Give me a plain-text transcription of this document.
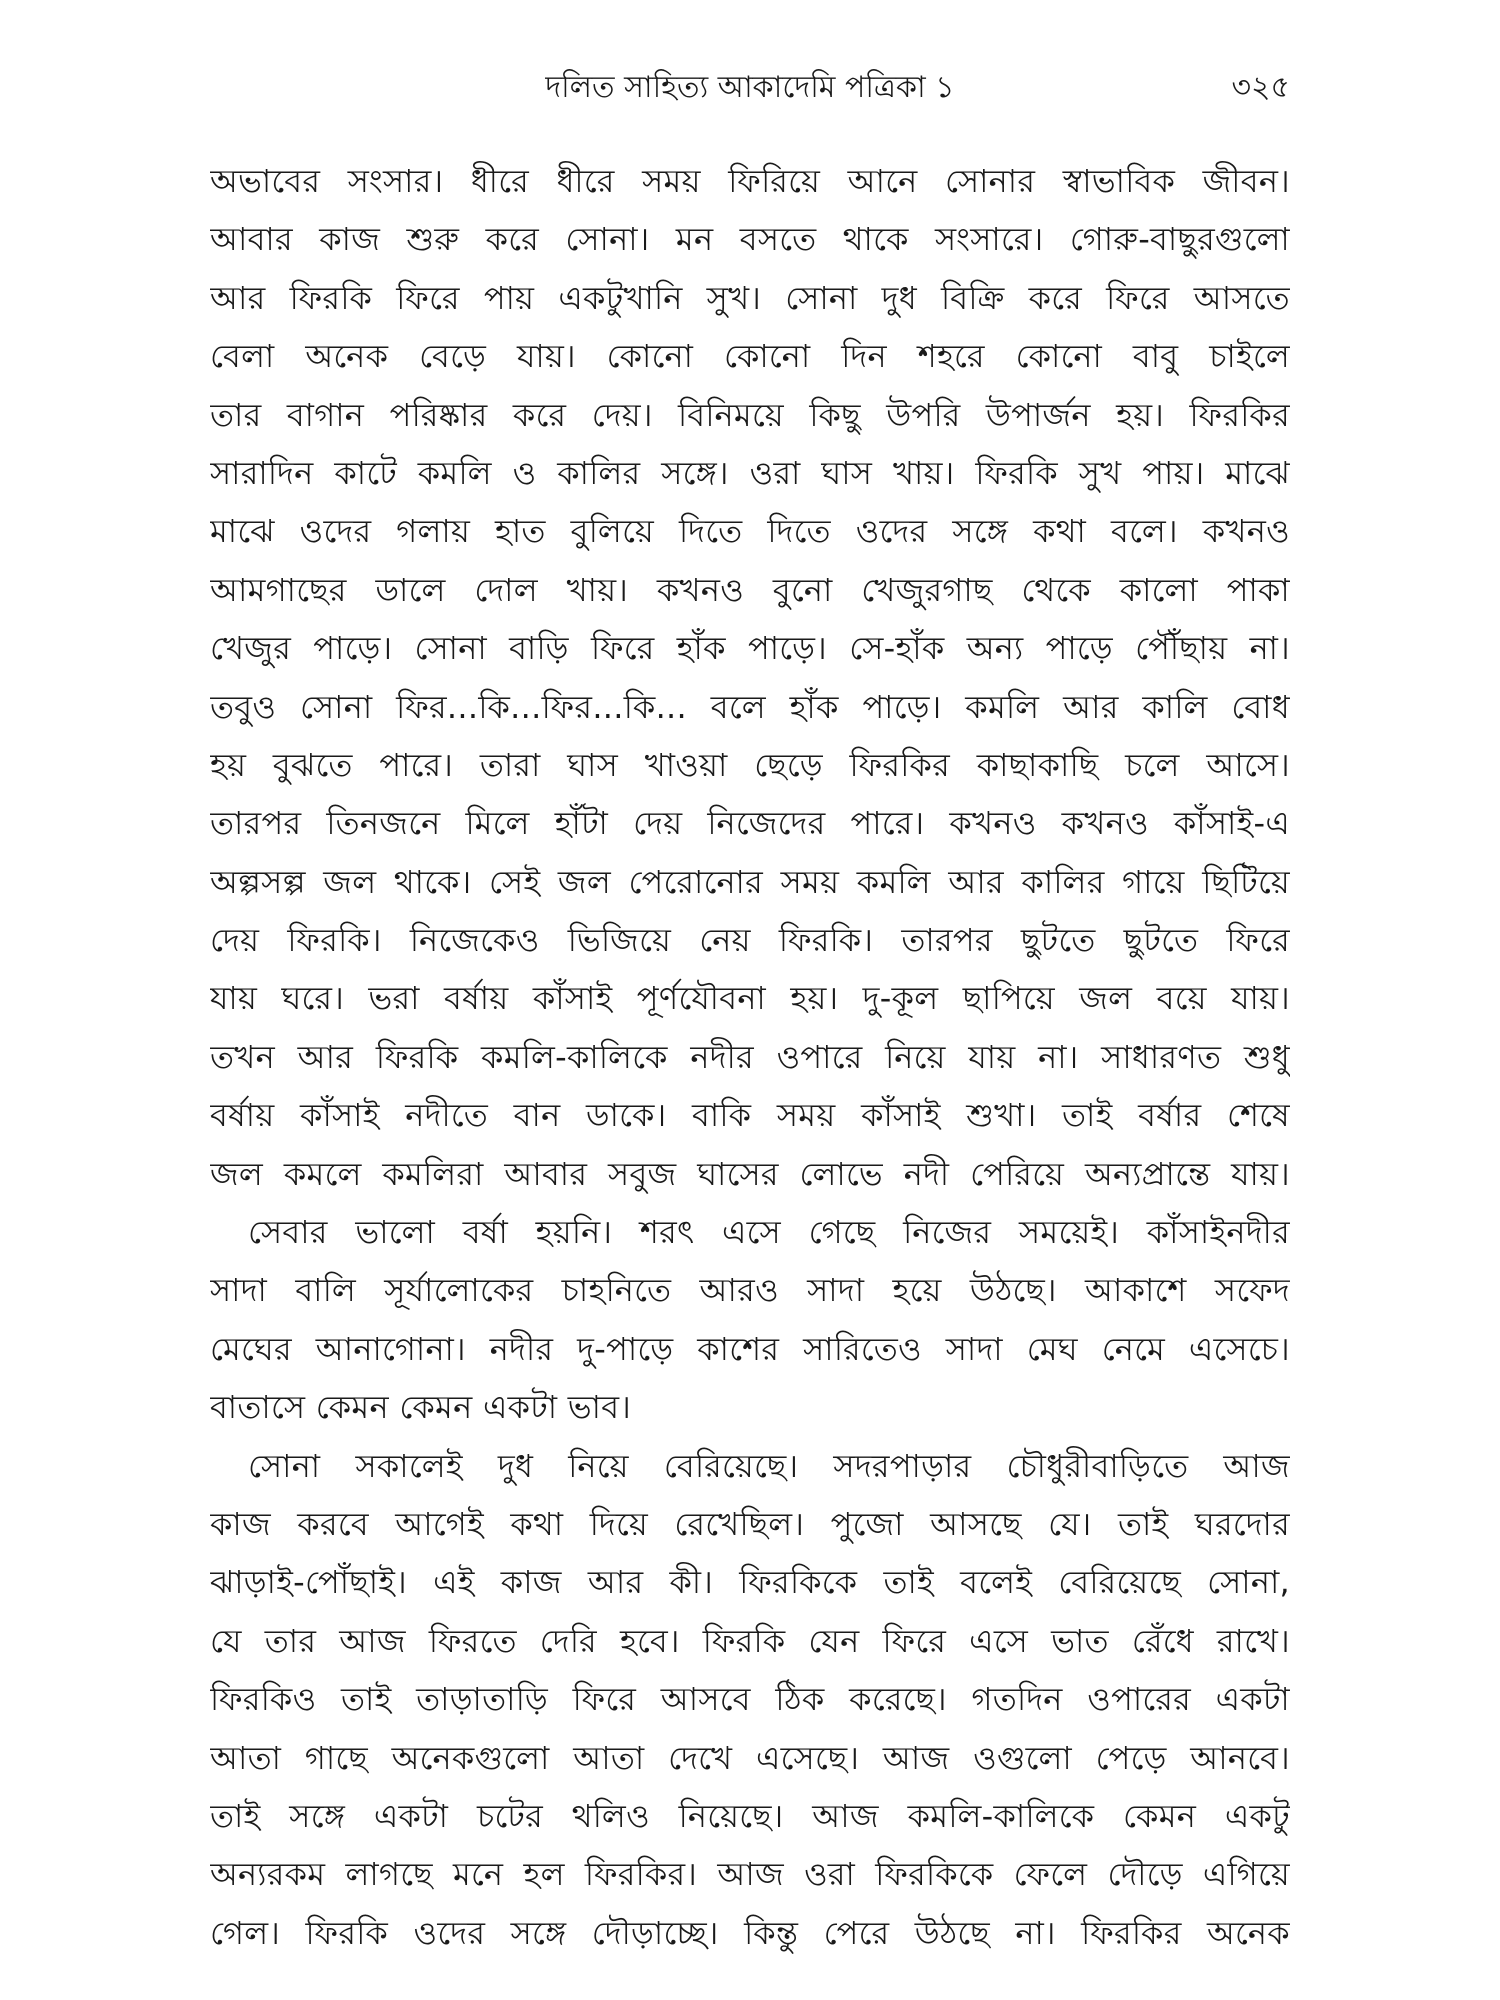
দলিত সাহিত্য আকাদেমি পত্রিকা ১	৩২৫
অভাবের সংসার। ধীরে ধীরে সময় ফিরিয়ে আনে সোনার স্বাভাবিক জীবন।
আবার কাজ শুরু করে সোনা। মন বসতে থাকে সংসারে। গোরু-বাছুরগুলো
আর ফিরকি ফিরে পায় একটুখানি সুখ। সোনা দুধ বিক্রি করে ফিরে আসতে
বেলা অনেক বেড়ে যায়। কোনো কোনো দিন শহরে কোনো বাবু চাইলে
তার বাগান পরিষ্কার করে দেয়। বিনিময়ে কিছু উপরি উপার্জন হয়। ফিরকির
সারাদিন কাটে কমলি ও কালির সঙ্গে। ওরা ঘাস খায়। ফিরকি সুখ পায়। মাঝে
মাঝে ওদের গলায় হাত বুলিয়ে দিতে দিতে ওদের সঙ্গে কথা বলে। কখনও
আমগাছের ডালে দোল খায়। কখনও বুনো খেজুরগাছ থেকে কালো পাকা
খেজুর পাড়ে। সোনা বাড়ি ফিরে হাঁক পাড়ে। সে-হাঁক অন্য পাড়ে পৌঁছায় না।
তবুও সোনা ফির...কি...ফির...কি... বলে হাঁক পাড়ে। কমলি আর কালি বোধ
হয় বুঝতে পারে। তারা ঘাস খাওয়া ছেড়ে ফিরকির কাছাকাছি চলে আসে।
তারপর তিনজনে মিলে হাঁটা দেয় নিজেদের পারে। কখনও কখনও কাঁসাই-এ
অল্পসল্প জল থাকে। সেই জল পেরোনোর সময় কমলি আর কালির গায়ে ছিটিয়ে
দেয় ফিরকি। নিজেকেও ভিজিয়ে নেয় ফিরকি। তারপর ছুটতে ছুটতে ফিরে
যায় ঘরে। ভরা বর্ষায় কাঁসাই পূর্ণযৌবনা হয়। দু-কূল ছাপিয়ে জল বয়ে যায়।
তখন আর ফিরকি কমলি-কালিকে নদীর ওপারে নিয়ে যায় না। সাধারণত শুধু
বর্ষায় কাঁসাই নদীতে বান ডাকে। বাকি সময় কাঁসাই শুখা। তাই বর্ষার শেষে
জল কমলে কমলিরা আবার সবুজ ঘাসের লোভে নদী পেরিয়ে অন্যপ্রান্তে যায়।
সেবার ভালো বর্ষা হয়নি। শরৎ এসে গেছে নিজের সময়েই। কাঁসাইনদীর
সাদা বালি সূর্যালোকের চাহনিতে আরও সাদা হয়ে উঠছে। আকাশে সফেদ
মেঘের আনাগোনা। নদীর দু-পাড়ে কাশের সারিতেও সাদা মেঘ নেমে এসেচে।
বাতাসে কেমন কেমন একটা ভাব।
সোনা সকালেই দুধ নিয়ে বেরিয়েছে। সদরপাড়ার চৌধুরীবাড়িতে আজ
কাজ করবে আগেই কথা দিয়ে রেখেছিল। পুজো আসছে যে। তাই ঘরদোর
ঝাড়াই-পোঁছাই। এই কাজ আর কী। ফিরকিকে তাই বলেই বেরিয়েছে সোনা,
যে তার আজ ফিরতে দেরি হবে। ফিরকি যেন ফিরে এসে ভাত রেঁধে রাখে।
ফিরকিও তাই তাড়াতাড়ি ফিরে আসবে ঠিক করেছে। গতদিন ওপারের একটা
আতা গাছে অনেকগুলো আতা দেখে এসেছে। আজ ওগুলো পেড়ে আনবে।
তাই সঙ্গে একটা চটের থলিও নিয়েছে। আজ কমলি-কালিকে কেমন একটু
অন্যরকম লাগছে মনে হল ফিরকির। আজ ওরা ফিরকিকে ফেলে দৌড়ে এগিয়ে
গেল। ফিরকি ওদের সঙ্গে দৌড়াচ্ছে। কিন্তু পেরে উঠছে না। ফিরকির অনেক
